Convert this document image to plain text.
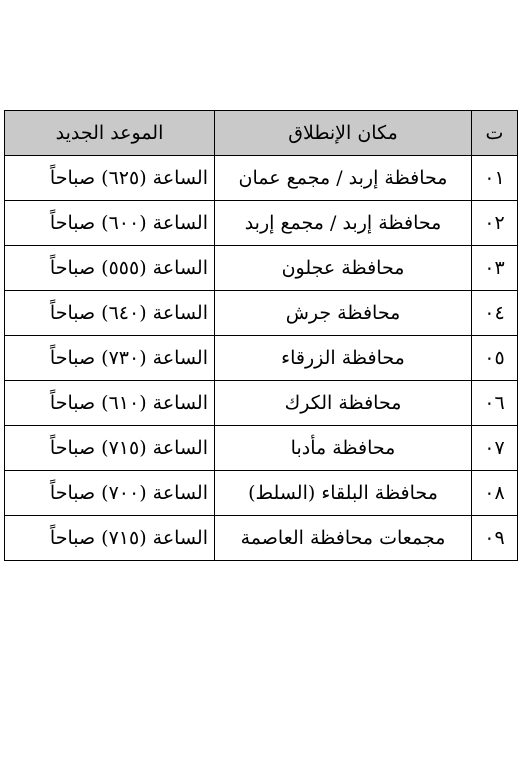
ت	مكان الإنطلاق	الموعد الجديد
٠١	محافظة إربد / مجمع عمان	الساعة (٦٢٥) صباحاً
٠٢	محافظة إربد / مجمع إربد	الساعة (٦٠٠) صباحاً
٠٣	محافظة عجلون	الساعة (٥٥٥) صباحاً
٠٤	محافظة جرش	الساعة (٦٤٠) صباحاً
٠٥	محافظة الزرقاء	الساعة (٧٣٠) صباحاً
٠٦	محافظة الكرك	الساعة (٦١٠) صباحاً
٠٧	محافظة مأدبا	الساعة (٧١٥) صباحاً
٠٨	محافظة البلقاء (السلط)	الساعة (٧٠٠) صباحاً
٠٩	مجمعات محافظة العاصمة	الساعة (٧١٥) صباحاً
